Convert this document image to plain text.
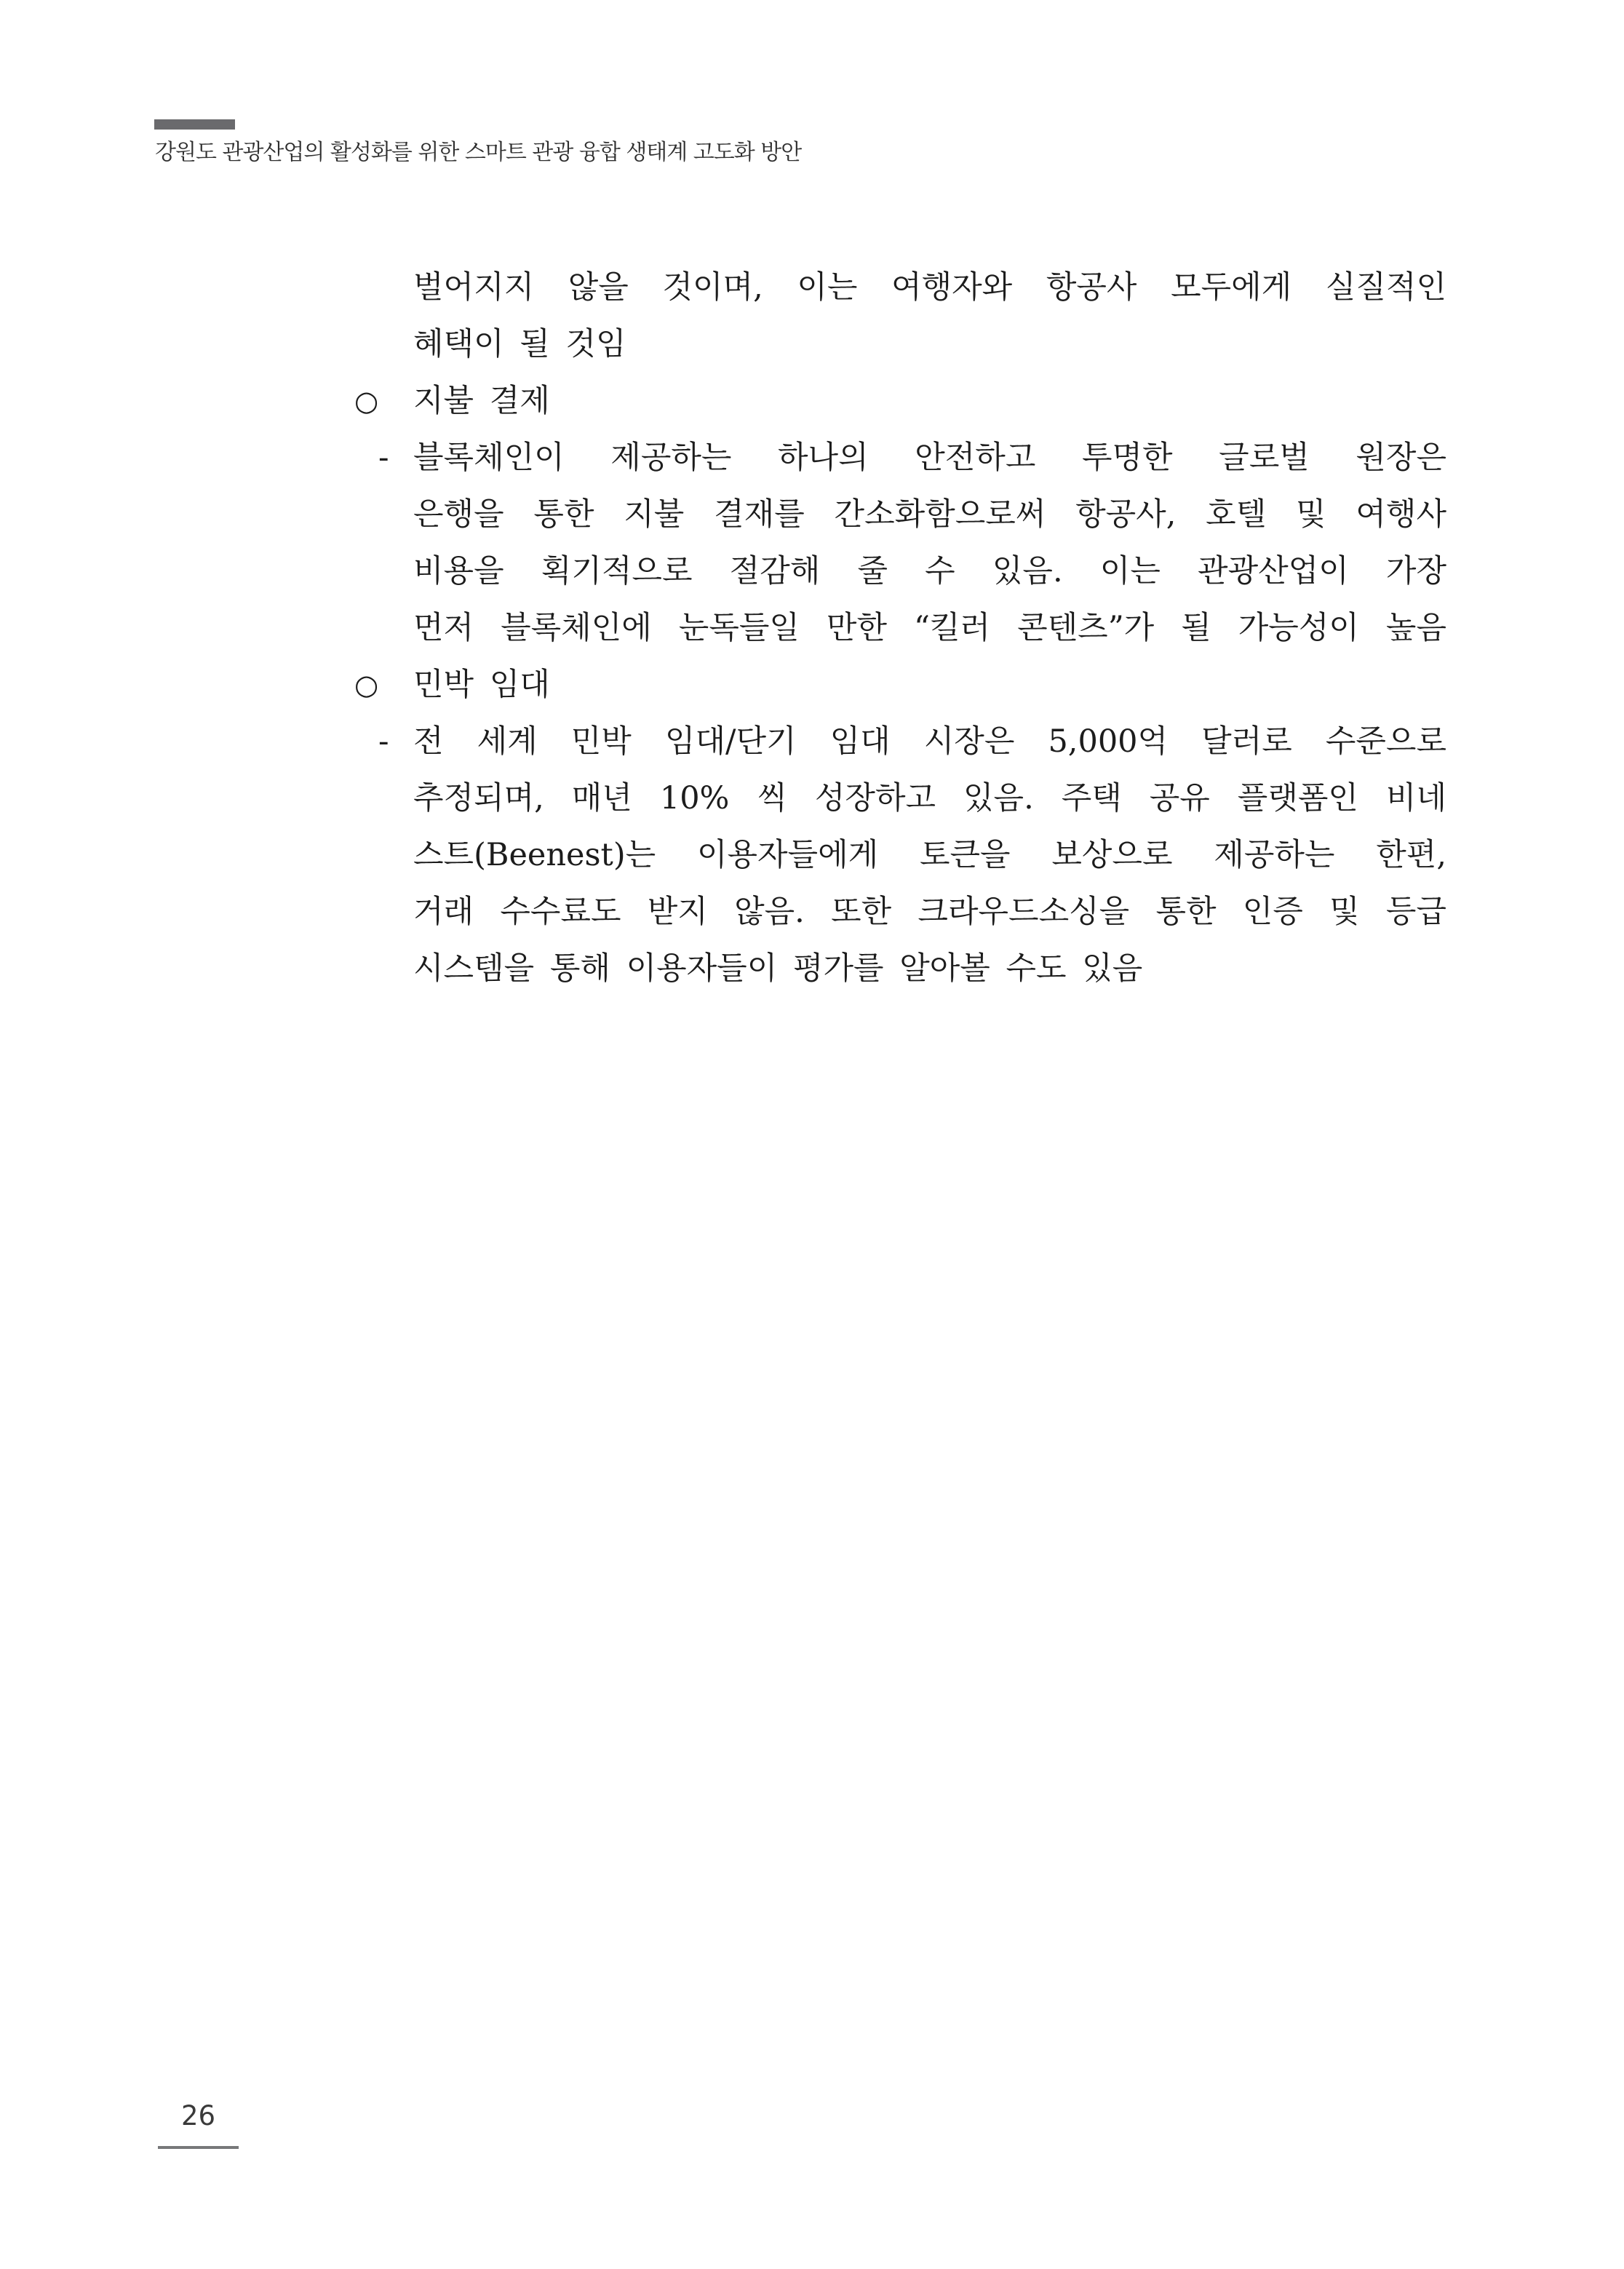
강원도 관광산업의 활성화를 위한 스마트 관광 융합 생태계 고도화 방안
벌어지지 않을 것이며, 이는 여행자와 항공사 모두에게 실질적인
혜택이 될 것임
○ 지불 결제
- 블록체인이 제공하는 하나의 안전하고 투명한 글로벌 원장은
은행을 통한 지불 결재를 간소화함으로써 항공사, 호텔 및 여행사
비용을 획기적으로 절감해 줄 수 있음. 이는 관광산업이 가장
먼저 블록체인에 눈독들일 만한 “킬러 콘텐츠”가 될 가능성이 높음
○ 민박 임대
- 전 세계 민박 임대/단기 임대 시장은 5,000억 달러로 수준으로
추정되며, 매년 10% 씩 성장하고 있음. 주택 공유 플랫폼인 비네
스트(Beenest)는 이용자들에게 토큰을 보상으로 제공하는 한편,
거래 수수료도 받지 않음. 또한 크라우드소싱을 통한 인증 및 등급
시스템을 통해 이용자들이 평가를 알아볼 수도 있음
26
